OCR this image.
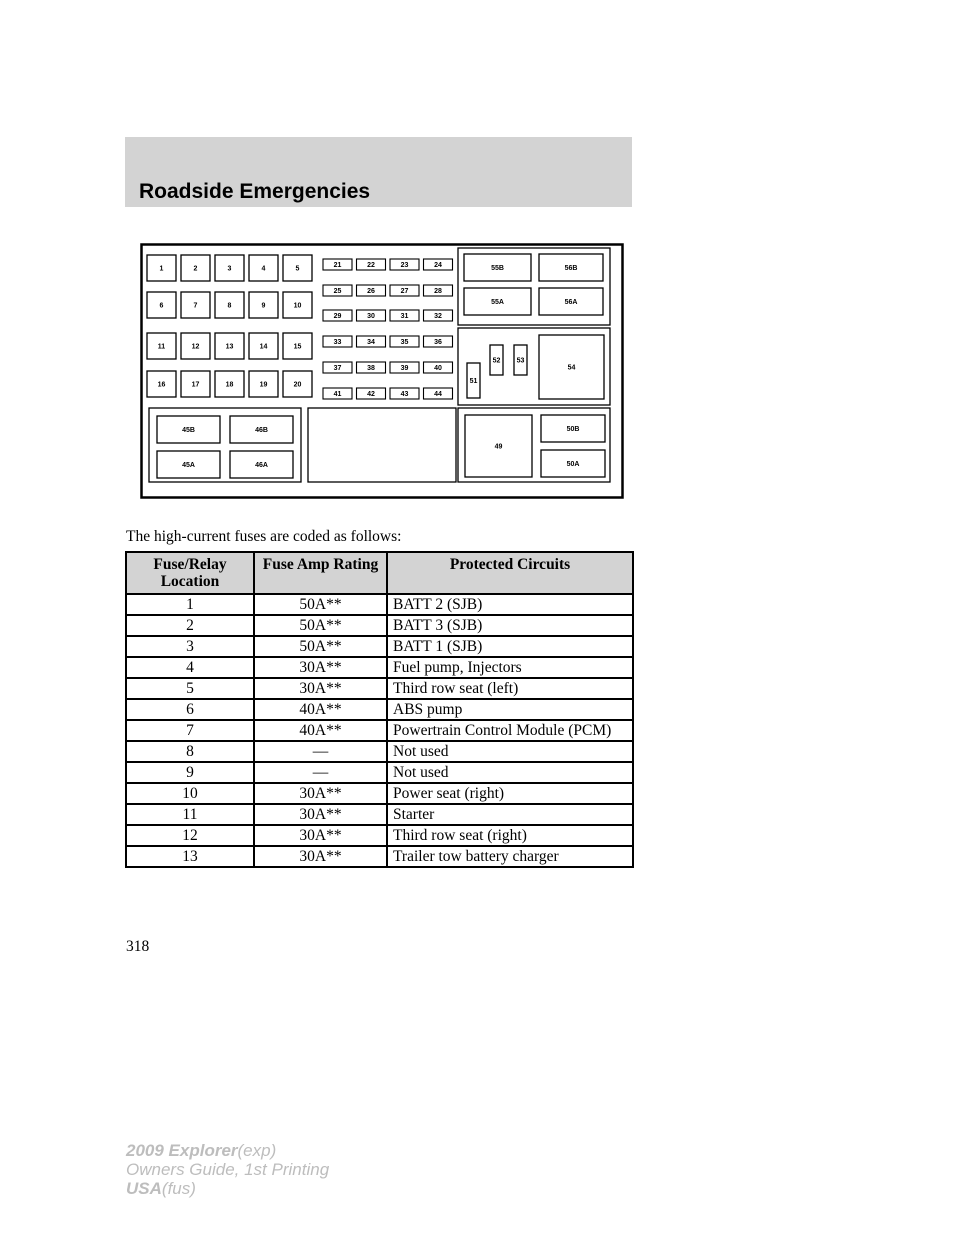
Roadside Emergencies
1	2	3	4	5
6	7	8	9	10
11	12	13	14	15
16	17	18	19	20
21	22	23	24
25	26	27	28
29	30	31	32
33	34	35	36
37	38	39	40
41	42	43	44
55B	56B
55A	56A
51
52 53
54
45B	46B
45A	46A
49
50B
50A
The high-current fuses are coded as follows:
Fuse/Relay Location	Fuse Amp Rating	Protected Circuits
1	50A**	BATT 2 (SJB)
2	50A**	BATT 3 (SJB)
3	50A**	BATT 1 (SJB)
4	30A**	Fuel pump, Injectors
5	30A**	Third row seat (left)
6	40A**	ABS pump
7	40A**	Powertrain Control Module (PCM)
8	—	Not used
9	—	Not used
10	30A**	Power seat (right)
11	30A**	Starter
12	30A**	Third row seat (right)
13	30A**	Trailer tow battery charger
318
2009 Explorer(exp)
Owners Guide, 1st Printing
USA(fus)
